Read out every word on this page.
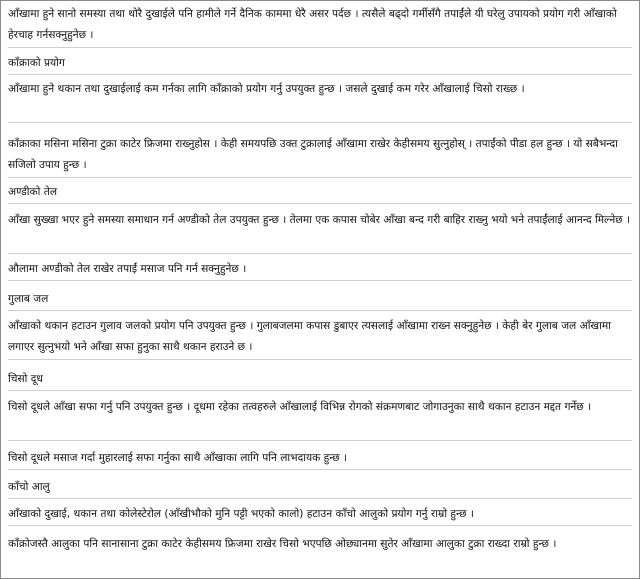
आँखामा हुने सानो समस्या तथा थोरै दुखाईले पनि हामीले गर्ने दैनिक काममा धेरै असर पर्दछ । त्यसैले बढ्दो गर्मीसँगै तपाईंले यी घरेलु उपायको प्रयोग गरी आँखाको हेरचाह गर्नसक्नुहुनेछ ।
काँक्राको प्रयोग
आँखामा हुने थकान तथा दुखाईलाई कम गर्नका लागि काँक्राको प्रयोग गर्नु उपयुक्त हुन्छ । जसले दुखाई कम गरेर आँखालाई चिसो राख्छ ।
काँक्राका मसिना मसिना टुक्रा काटेर फ्रिजमा राख्नुहोस । केही समयपछि उक्त टुक्रालाई आँखामा राखेर केहीसमय सुत्नुहोस् । तपाईंको पीडा हल हुन्छ । यो सबैभन्दा सजिलो उपाय हुन्छ ।
अण्डीको तेल
आँखा सुख्खा भएर हुने समस्या समाधान गर्न अण्डीको तेल उपयुक्त हुन्छ । तेलमा एक कपास चोबेर आँखा बन्द गरी बाहिर राख्नु भयो भने तपाईंलाई आनन्द मिल्नेछ ।
औलामा अण्डीको तेल राखेर तपाईं मसाज पनि गर्न सक्नुहुनेछ ।
गुलाब जल
आँखाको थकान हटाउन गुलाव जलको प्रयोग पनि उपयुक्त हुन्छ । गुलाबजलमा कपास डुबाएर त्यसलाई आँखामा राख्न सक्नुहुनेछ । केही बेर गुलाब जल आँखामा लगाएर सुत्नुभयो भने आँखा सफा हुनुका साथै थकान हराउने छ ।
चिसो दूध
चिसो दूधले आँखा सफा गर्नु पनि उपयुक्त हुन्छ । दूधमा रहेका तत्वहरुले आँखालाई विभिन्न रोगको संक्रमणबाट जोगाउनुका साथै थकान हटाउन मद्दत गर्नेछ ।
चिसो दूधले मसाज गर्दा मुहारलाई सफा गर्नुका साथै आँखाका लागि पनि लाभदायक हुन्छ ।
काँचो आलु
आँखाको दुखाई, थकान तथा कोलेस्टेरोल (आँखीभौको मुनि पट्टी भएको कालो) हटाउन काँचो आलुको प्रयोग गर्नु राम्रो हुन्छ ।
काँक्रोजस्तै आलुका पनि सानासाना टुक्रा काटेर केहीसमय फ्रिजमा राखेर चिसो भएपछि ओछ्यानमा सुतेर आँखामा आलुका टुक्रा राख्दा राम्रो हुन्छ ।
